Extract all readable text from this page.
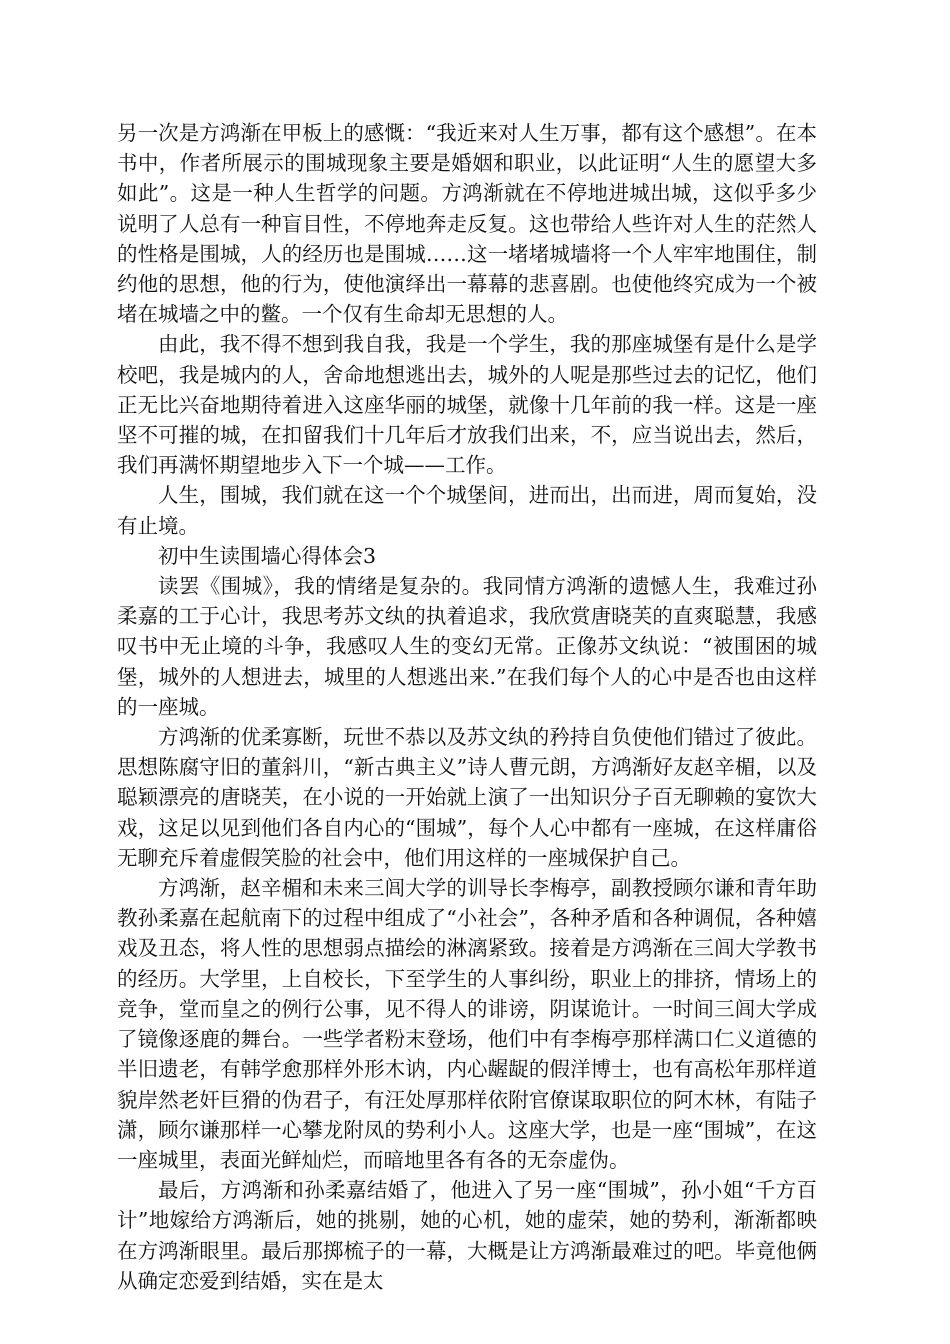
另一次是方鸿渐在甲板上的感慨：“我近来对人生万事，都有这个感想”。在本书中，作者所展示的围城现象主要是婚姻和职业，以此证明“人生的愿望大多如此”。这是一种人生哲学的问题。方鸿渐就在不停地进城出城，这似乎多少说明了人总有一种盲目性，不停地奔走反复。这也带给人些许对人生的茫然人的性格是围城，人的经历也是围城……这一堵堵城墙将一个人牢牢地围住，制约他的思想，他的行为，使他演绎出一幕幕的悲喜剧。也使他终究成为一个被堵在城墙之中的鳖。一个仅有生命却无思想的人。

由此，我不得不想到我自我，我是一个学生，我的那座城堡有是什么是学校吧，我是城内的人，舍命地想逃出去，城外的人呢是那些过去的记忆，他们正无比兴奋地期待着进入这座华丽的城堡，就像十几年前的我一样。这是一座坚不可摧的城，在扣留我们十几年后才放我们出来，不，应当说出去，然后，我们再满怀期望地步入下一个城——工作。

人生，围城，我们就在这一个个城堡间，进而出，出而进，周而复始，没有止境。

初中生读围墙心得体会3

读罢《围城》，我的情绪是复杂的。我同情方鸿渐的遗憾人生，我难过孙柔嘉的工于心计，我思考苏文纨的执着追求，我欣赏唐晓芙的直爽聪慧，我感叹书中无止境的斗争，我感叹人生的变幻无常。正像苏文纨说：“被围困的城堡，城外的人想进去，城里的人想逃出来.”在我们每个人的心中是否也由这样的一座城。

方鸿渐的优柔寡断，玩世不恭以及苏文纨的矜持自负使他们错过了彼此。思想陈腐守旧的董斜川，“新古典主义”诗人曹元朗，方鸿渐好友赵辛楣，以及聪颖漂亮的唐晓芙，在小说的一开始就上演了一出知识分子百无聊赖的宴饮大戏，这足以见到他们各自内心的“围城”，每个人心中都有一座城，在这样庸俗无聊充斥着虚假笑脸的社会中，他们用这样的一座城保护自己。

方鸿渐，赵辛楣和未来三闾大学的训导长李梅亭，副教授顾尔谦和青年助教孙柔嘉在起航南下的过程中组成了“小社会”，各种矛盾和各种调侃，各种嬉戏及丑态，将人性的思想弱点描绘的淋漓紧致。接着是方鸿渐在三闾大学教书的经历。大学里，上自校长，下至学生的人事纠纷，职业上的排挤，情场上的竞争，堂而皇之的例行公事，见不得人的诽谤，阴谋诡计。一时间三闾大学成了镜像逐鹿的舞台。一些学者粉末登场，他们中有李梅亭那样满口仁义道德的半旧遗老，有韩学愈那样外形木讷，内心龌龊的假洋博士，也有高松年那样道貌岸然老奸巨猾的伪君子，有汪处厚那样依附官僚谋取职位的阿木林，有陆子潇，顾尔谦那样一心攀龙附凤的势利小人。这座大学，也是一座“围城”，在这一座城里，表面光鲜灿烂，而暗地里各有各的无奈虚伪。

最后，方鸿渐和孙柔嘉结婚了，他进入了另一座“围城”，孙小姐“千方百计”地嫁给方鸿渐后，她的挑剔，她的心机，她的虚荣，她的势利，渐渐都映在方鸿渐眼里。最后那掷梳子的一幕，大概是让方鸿渐最难过的吧。毕竟他俩从确定恋爱到结婚，实在是太
